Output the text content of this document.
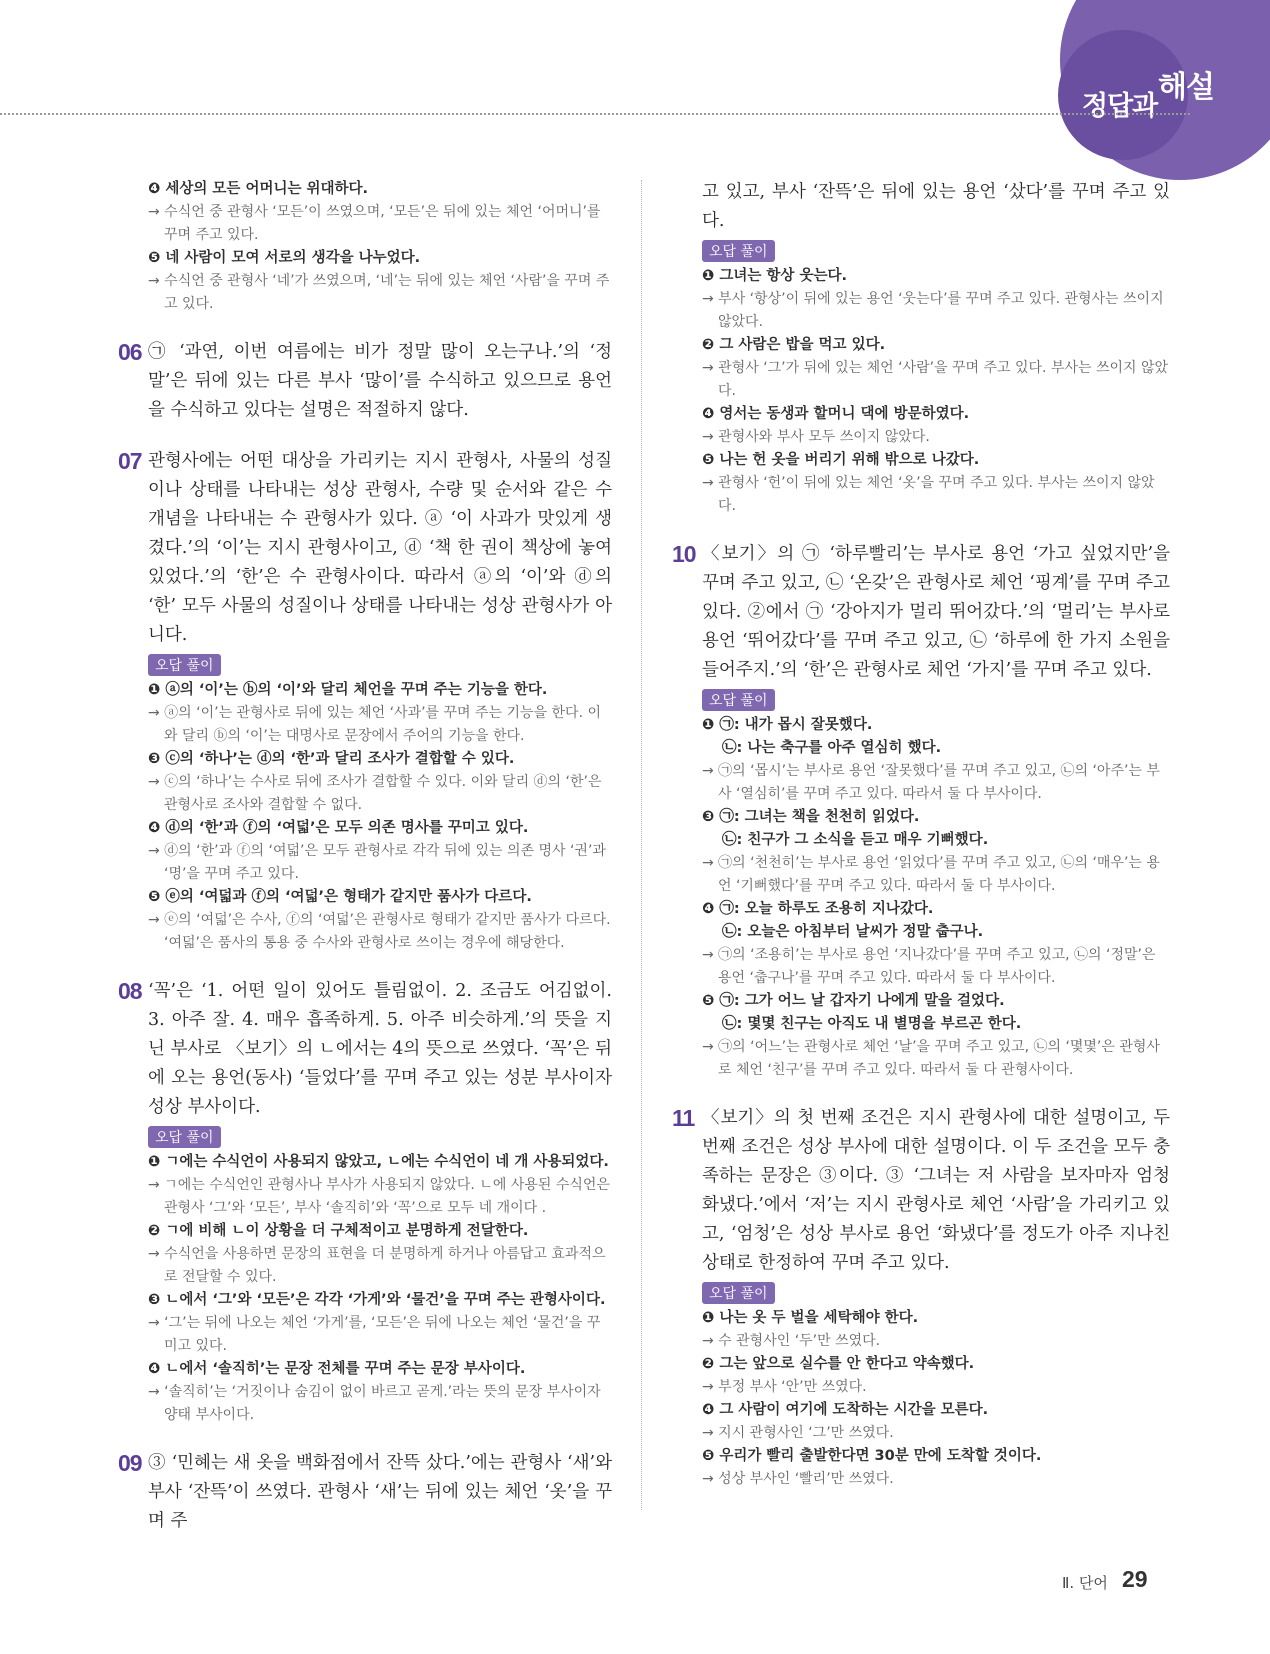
정답과
해설
❹ 세상의 모든 어머니는 위대하다.
→ 수식언 중 관형사 ‘모든’이 쓰였으며, ‘모든’은 뒤에 있는 체언 ‘어머니’를 꾸며 주고 있다.
❺ 네 사람이 모여 서로의 생각을 나누었다.
→ 수식언 중 관형사 ‘네’가 쓰였으며, ‘네’는 뒤에 있는 체언 ‘사람’을 꾸며 주고 있다.
06 ㉠ ‘과연, 이번 여름에는 비가 정말 많이 오는구나.’의 ‘정말’은 뒤에 있는 다른 부사 ‘많이’를 수식하고 있으므로 용언을 수식하고 있다는 설명은 적절하지 않다.
07 관형사에는 어떤 대상을 가리키는 지시 관형사, 사물의 성질이나 상태를 나타내는 성상 관형사, 수량 및 순서와 같은 수 개념을 나타내는 수 관형사가 있다. ⓐ ‘이 사과가 맛있게 생겼다.’의 ‘이’는 지시 관형사이고, ⓓ ‘책 한 권이 책상에 놓여 있었다.’의 ‘한’은 수 관형사이다. 따라서 ⓐ의 ‘이’와 ⓓ의 ‘한’ 모두 사물의 성질이나 상태를 나타내는 성상 관형사가 아니다.
오답 풀이
❶ ⓐ의 ‘이’는 ⓑ의 ‘이’와 달리 체언을 꾸며 주는 기능을 한다.
→ ⓐ의 ‘이’는 관형사로 뒤에 있는 체언 ‘사과’를 꾸며 주는 기능을 한다. 이와 달리 ⓑ의 ‘이’는 대명사로 문장에서 주어의 기능을 한다.
❸ ⓒ의 ‘하나’는 ⓓ의 ‘한’과 달리 조사가 결합할 수 있다.
→ ⓒ의 ‘하나’는 수사로 뒤에 조사가 결합할 수 있다. 이와 달리 ⓓ의 ‘한’은 관형사로 조사와 결합할 수 없다.
❹ ⓓ의 ‘한’과 ⓕ의 ‘여덟’은 모두 의존 명사를 꾸미고 있다.
→ ⓓ의 ‘한’과 ⓕ의 ‘여덟’은 모두 관형사로 각각 뒤에 있는 의존 명사 ‘권’과 ‘명’을 꾸며 주고 있다.
❺ ⓔ의 ‘여덟과 ⓕ의 ‘여덟’은 형태가 같지만 품사가 다르다.
→ ⓔ의 ‘여덟’은 수사, ⓕ의 ‘여덟’은 관형사로 형태가 같지만 품사가 다르다. ‘여덟’은 품사의 통용 중 수사와 관형사로 쓰이는 경우에 해당한다.
08 ‘꼭’은 ‘1. 어떤 일이 있어도 틀림없이. 2. 조금도 어김없이. 3. 아주 잘. 4. 매우 흡족하게. 5. 아주 비슷하게.’의 뜻을 지닌 부사로 〈보기〉의 ㄴ에서는 4의 뜻으로 쓰였다. ‘꼭’은 뒤에 오는 용언(동사) ‘들었다’를 꾸며 주고 있는 성분 부사이자 성상 부사이다.
오답 풀이
❶ ㄱ에는 수식언이 사용되지 않았고, ㄴ에는 수식언이 네 개 사용되었다.
→ ㄱ에는 수식언인 관형사나 부사가 사용되지 않았다. ㄴ에 사용된 수식언은 관형사 ‘그’와 ‘모든’, 부사 ‘솔직히’와 ‘꼭’으로 모두 네 개이다 .
❷ ㄱ에 비해 ㄴ이 상황을 더 구체적이고 분명하게 전달한다.
→ 수식언을 사용하면 문장의 표현을 더 분명하게 하거나 아름답고 효과적으로 전달할 수 있다.
❸ ㄴ에서 ‘그’와 ‘모든’은 각각 ‘가게’와 ‘물건’을 꾸며 주는 관형사이다.
→ ‘그’는 뒤에 나오는 체언 ‘가게’를, ‘모든’은 뒤에 나오는 체언 ‘물건’을 꾸미고 있다.
❹ ㄴ에서 ‘솔직히’는 문장 전체를 꾸며 주는 문장 부사이다.
→ ‘솔직히’는 ‘거짓이나 숨김이 없이 바르고 곧게.’라는 뜻의 문장 부사이자 양태 부사이다.
09 ③ ‘민혜는 새 옷을 백화점에서 잔뜩 샀다.’에는 관형사 ‘새’와 부사 ‘잔뜩’이 쓰였다. 관형사 ‘새’는 뒤에 있는 체언 ‘옷’을 꾸며 주
고 있고, 부사 ‘잔뜩’은 뒤에 있는 용언 ‘샀다’를 꾸며 주고 있다.
오답 풀이
❶ 그녀는 항상 웃는다.
→ 부사 ‘항상’이 뒤에 있는 용언 ‘웃는다’를 꾸며 주고 있다. 관형사는 쓰이지 않았다.
❷ 그 사람은 밥을 먹고 있다.
→ 관형사 ‘그’가 뒤에 있는 체언 ‘사람’을 꾸며 주고 있다. 부사는 쓰이지 않았다.
❹ 영서는 동생과 할머니 댁에 방문하였다.
→ 관형사와 부사 모두 쓰이지 않았다.
❺ 나는 헌 옷을 버리기 위해 밖으로 나갔다.
→ 관형사 ‘헌’이 뒤에 있는 체언 ‘옷’을 꾸며 주고 있다. 부사는 쓰이지 않았다.
10 〈보기〉의 ㉠ ‘하루빨리’는 부사로 용언 ‘가고 싶었지만’을 꾸며 주고 있고, ㉡ ‘온갖’은 관형사로 체언 ‘핑계’를 꾸며 주고 있다. ②에서 ㉠ ‘강아지가 멀리 뛰어갔다.’의 ‘멀리’는 부사로 용언 ‘뛰어갔다’를 꾸며 주고 있고, ㉡ ‘하루에 한 가지 소원을 들어주지.’의 ‘한’은 관형사로 체언 ‘가지’를 꾸며 주고 있다.
오답 풀이
❶ ㉠: 내가 몹시 잘못했다.
㉡: 나는 축구를 아주 열심히 했다.
→ ㉠의 ‘몹시’는 부사로 용언 ‘잘못했다’를 꾸며 주고 있고, ㉡의 ‘아주’는 부사 ‘열심히’를 꾸며 주고 있다. 따라서 둘 다 부사이다.
❸ ㉠: 그녀는 책을 천천히 읽었다.
㉡: 친구가 그 소식을 듣고 매우 기뻐했다.
→ ㉠의 ‘천천히’는 부사로 용언 ‘읽었다’를 꾸며 주고 있고, ㉡의 ‘매우’는 용언 ‘기뻐했다’를 꾸며 주고 있다. 따라서 둘 다 부사이다.
❹ ㉠: 오늘 하루도 조용히 지나갔다.
㉡: 오늘은 아침부터 날씨가 정말 춥구나.
→ ㉠의 ‘조용히’는 부사로 용언 ‘지나갔다’를 꾸며 주고 있고, ㉡의 ‘정말’은 용언 ‘춥구나’를 꾸며 주고 있다. 따라서 둘 다 부사이다.
❺ ㉠: 그가 어느 날 갑자기 나에게 말을 걸었다.
㉡: 몇몇 친구는 아직도 내 별명을 부르곤 한다.
→ ㉠의 ‘어느’는 관형사로 체언 ‘날’을 꾸며 주고 있고, ㉡의 ‘몇몇’은 관형사로 체언 ‘친구’를 꾸며 주고 있다. 따라서 둘 다 관형사이다.
11 〈보기〉의 첫 번째 조건은 지시 관형사에 대한 설명이고, 두 번째 조건은 성상 부사에 대한 설명이다. 이 두 조건을 모두 충족하는 문장은 ③이다. ③ ‘그녀는 저 사람을 보자마자 엄청 화냈다.’에서 ‘저’는 지시 관형사로 체언 ‘사람’을 가리키고 있고, ‘엄청’은 성상 부사로 용언 ‘화냈다’를 정도가 아주 지나친 상태로 한정하여 꾸며 주고 있다.
오답 풀이
❶ 나는 옷 두 벌을 세탁해야 한다.
→ 수 관형사인 ‘두’만 쓰였다.
❷ 그는 앞으로 실수를 안 한다고 약속했다.
→ 부정 부사 ‘안’만 쓰였다.
❹ 그 사람이 여기에 도착하는 시간을 모른다.
→ 지시 관형사인 ‘그’만 쓰였다.
❺ 우리가 빨리 출발한다면 30분 만에 도착할 것이다.
→ 성상 부사인 ‘빨리’만 쓰였다.
Ⅱ. 단어 29
